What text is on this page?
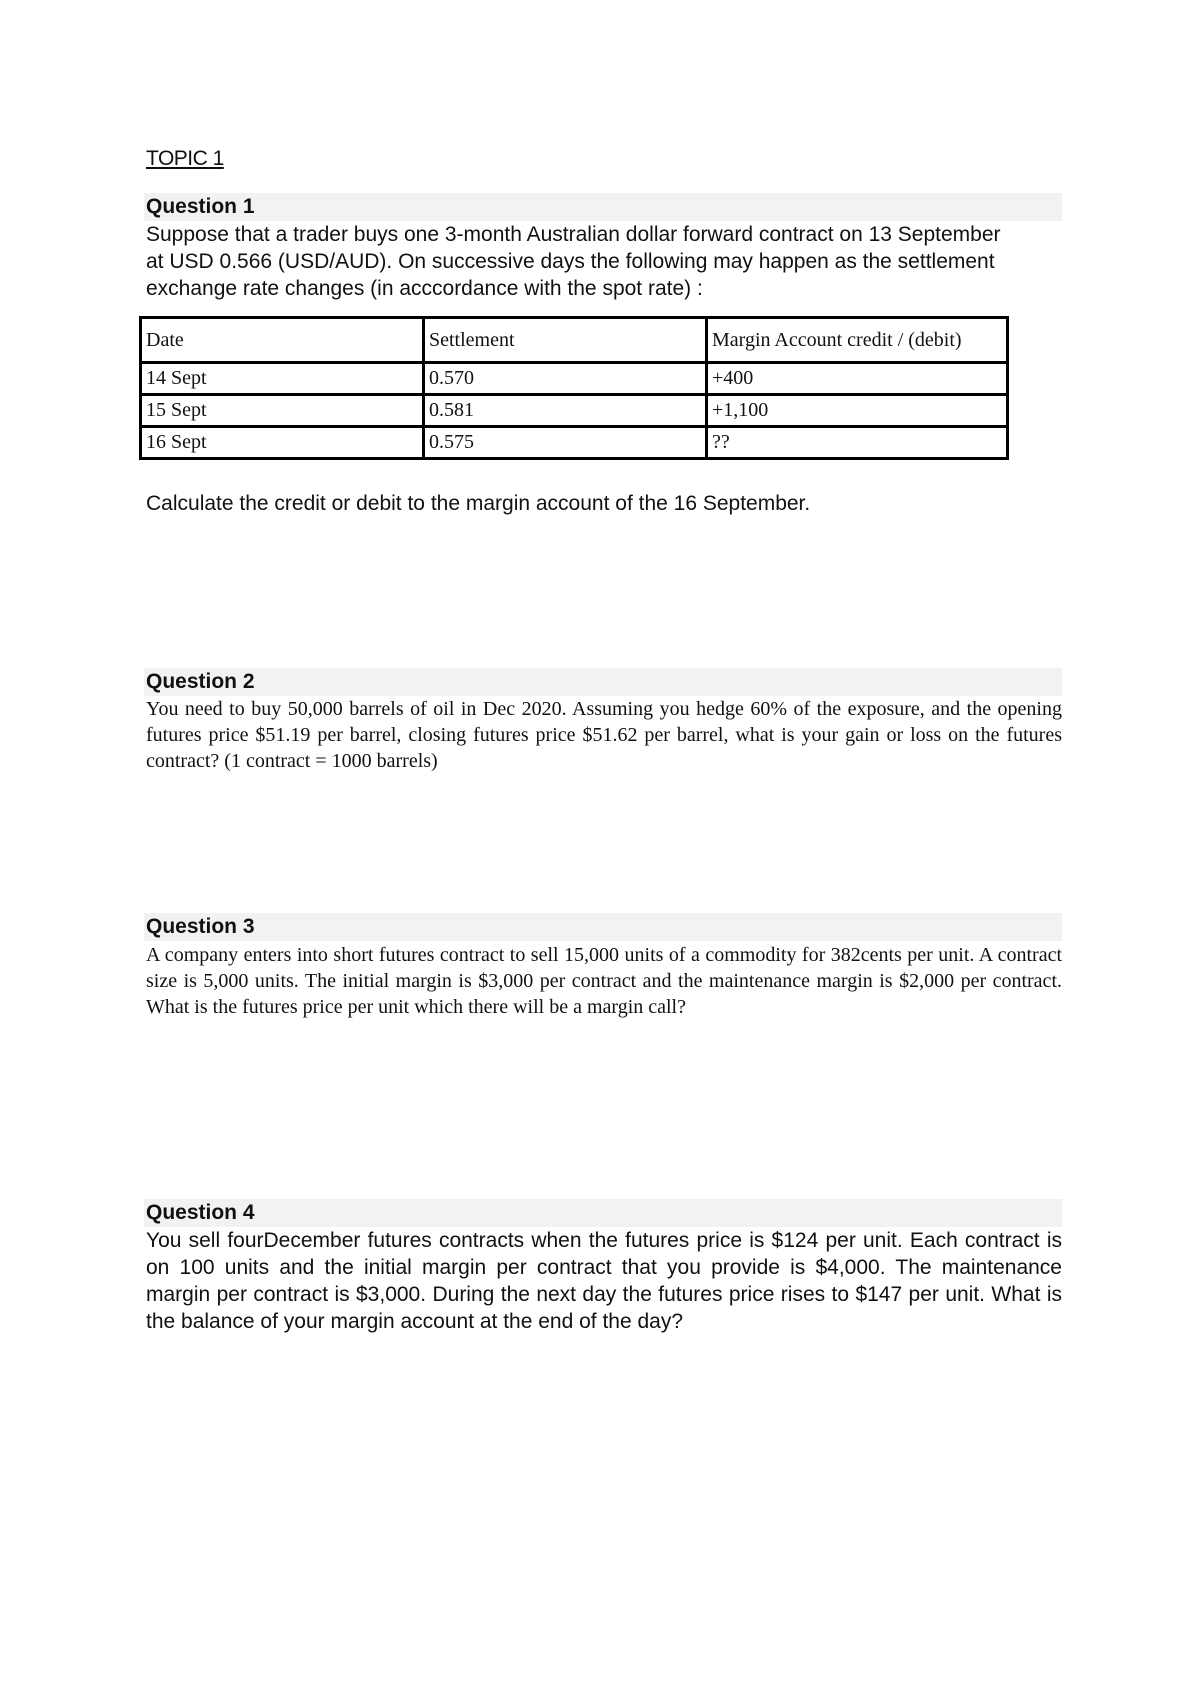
TOPIC 1
Question 1
Suppose that a trader buys one 3-month Australian dollar forward contract on 13 September
at USD 0.566 (USD/AUD). On successive days the following may happen as the settlement
exchange rate changes (in acccordance with the spot rate) :
Date	Settlement	Margin Account credit / (debit)
14 Sept	0.570	+400
15 Sept	0.581	+1,100
16 Sept	0.575	??
Calculate the credit or debit to the margin account of the 16 September.
Question 2
You need to buy 50,000 barrels of oil in Dec 2020. Assuming you hedge 60% of the exposure, and the opening futures price $51.19 per barrel, closing futures price $51.62 per barrel, what is your gain or loss on the futures contract? (1 contract = 1000 barrels)
Question 3
A company enters into short futures contract to sell 15,000 units of a commodity for 382cents per unit. A contract size is 5,000 units. The initial margin is $3,000 per contract and the maintenance margin is $2,000 per contract. What is the futures price per unit which there will be a margin call?
Question 4
You sell fourDecember futures contracts when the futures price is $124 per unit. Each contract is on 100 units and the initial margin per contract that you provide is $4,000. The maintenance margin per contract is $3,000. During the next day the futures price rises to $147 per unit. What is the balance of your margin account at the end of the day?
